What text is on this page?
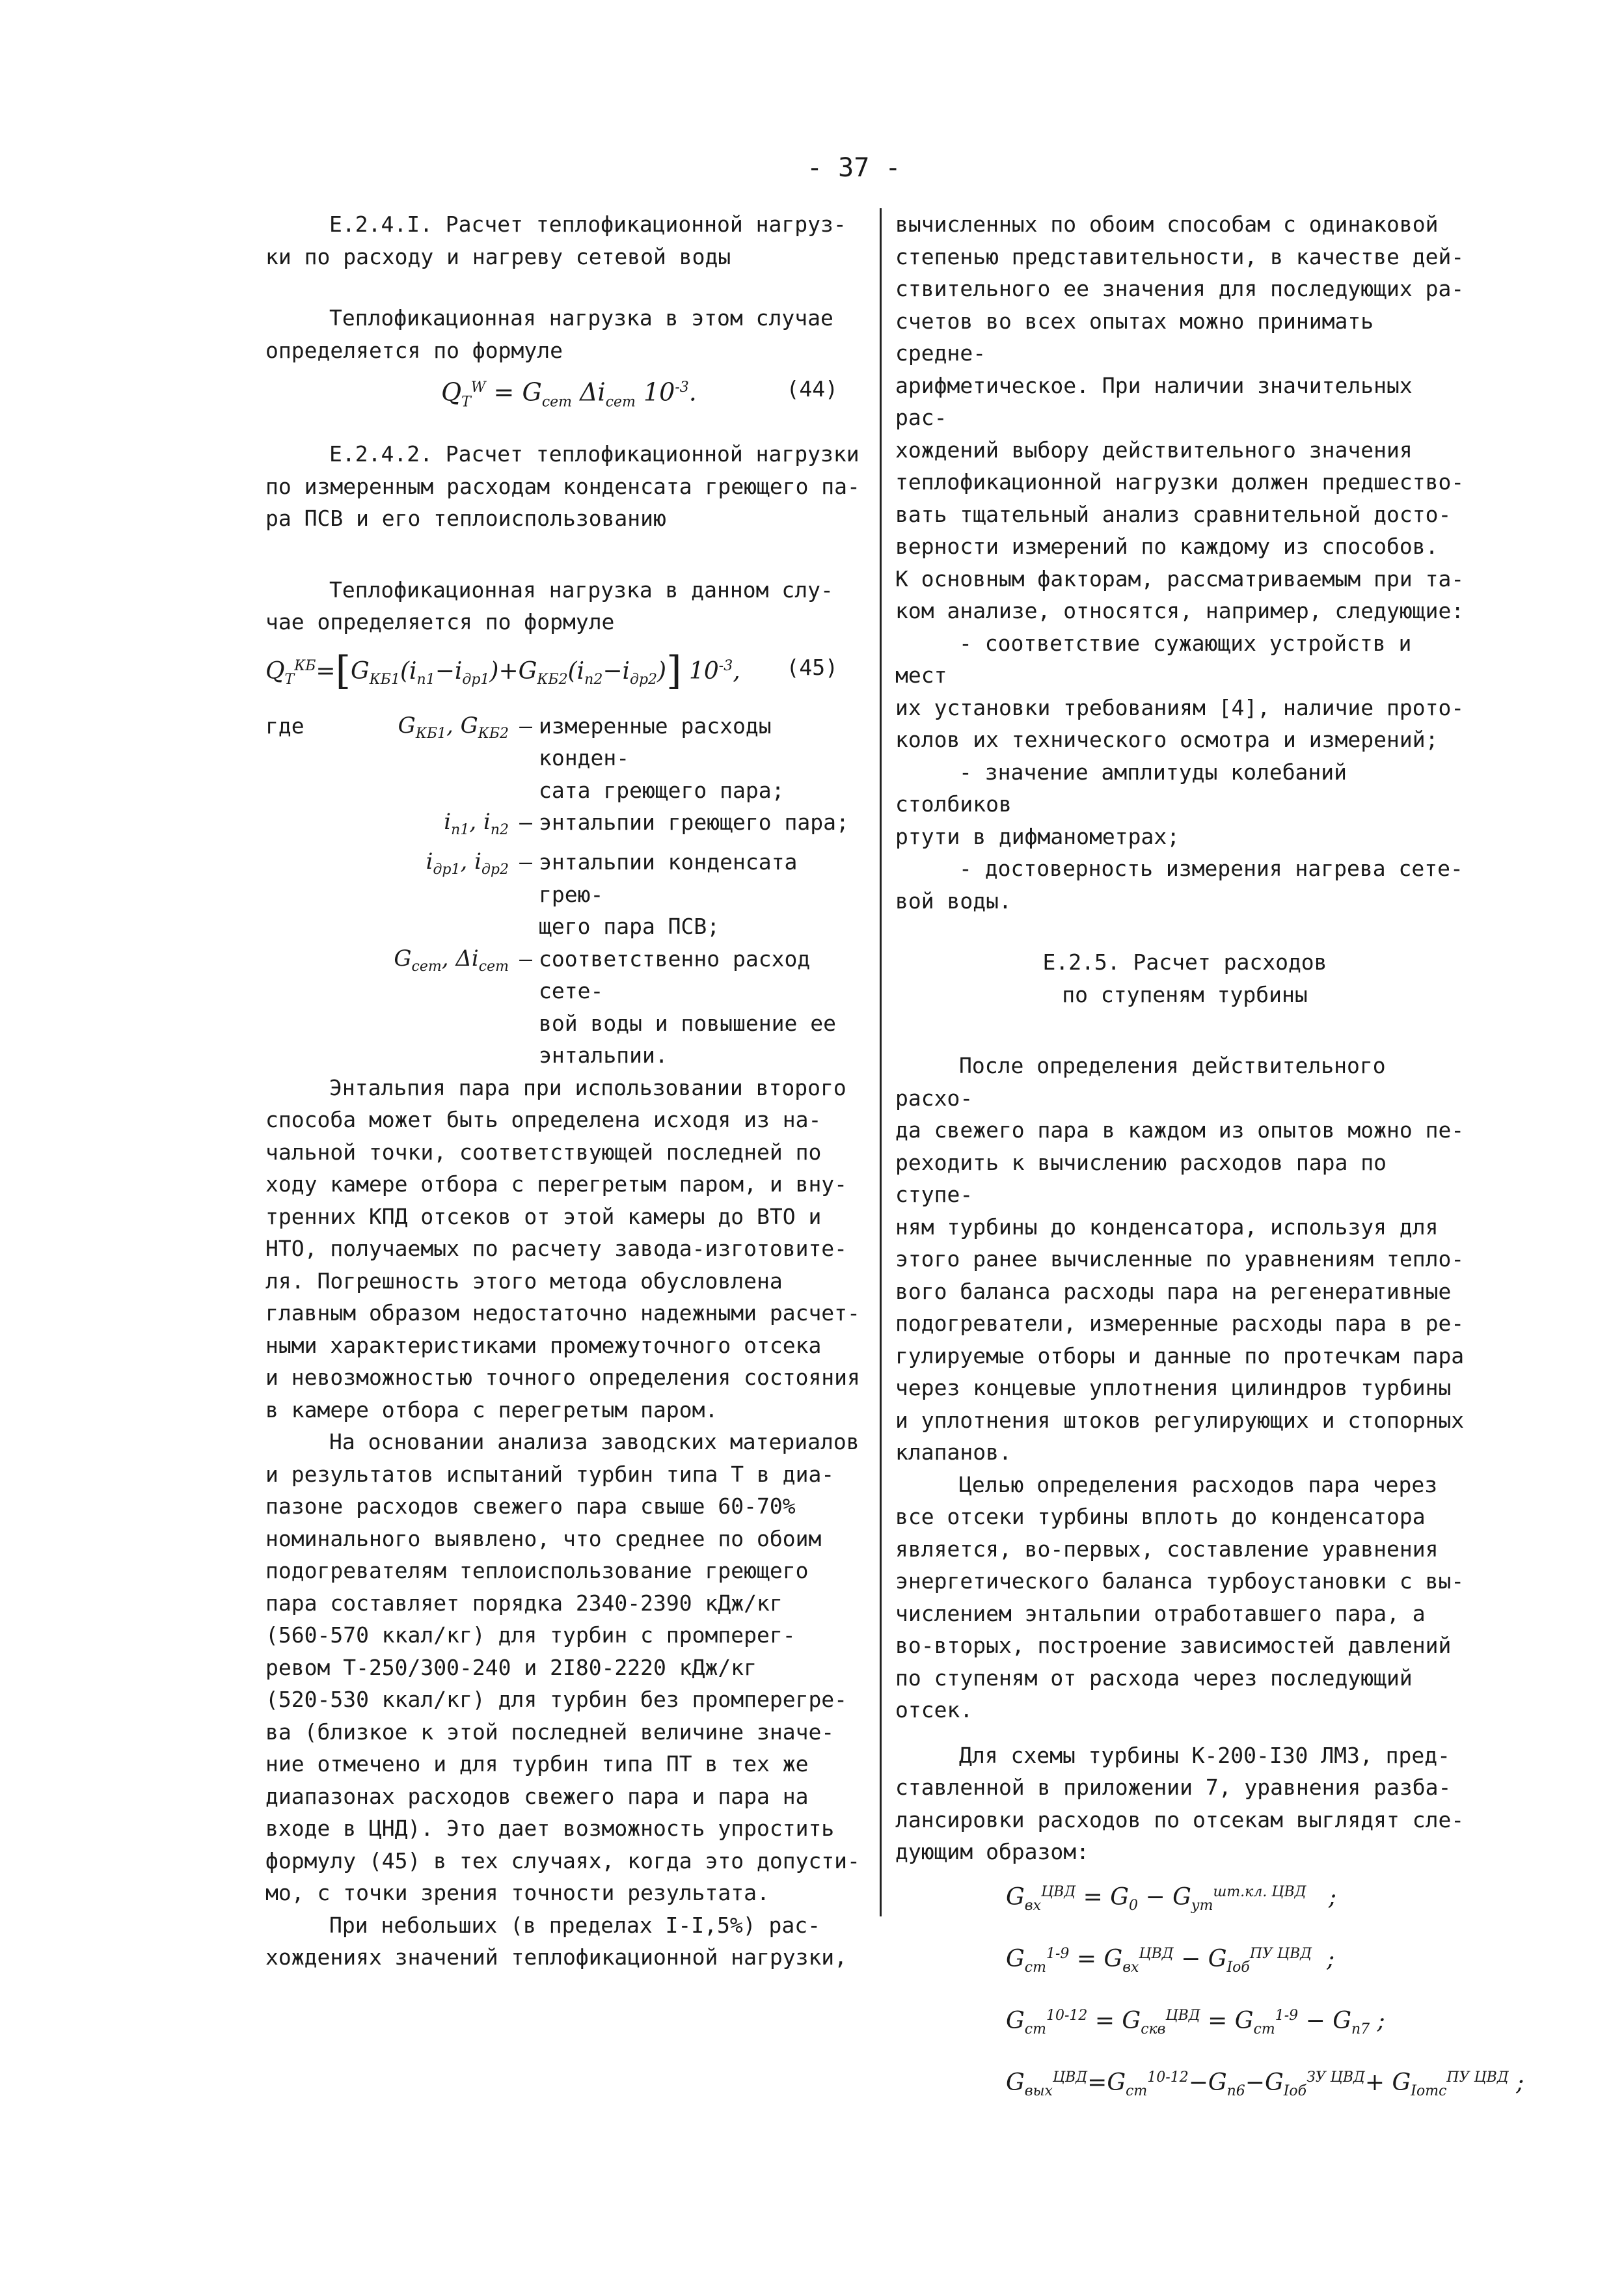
- 37 -

Е.2.4.I. Расчет теплофикационной нагруз-

ки по расходу и нагреву сетевой воды

Теплофикационная нагрузка в этом случае

определяется по формуле

$Q_T^W = G_{сет}$ $\Delta i_{сет}$ $10^{-3}$.	(44)

Е.2.4.2. Расчет теплофикационной нагрузки

по измеренным расходам конденсата греющего па-

ра ПСВ и его теплоиспользованию

Теплофикационная нагрузка в данном слу-

чае определяется по формуле

$Q_T^{КБ}=[G_{КБ1}(i_{п1}-i_{др1})+G_{КБ2}(i_{п2}-i_{др2})]$ $10^{-3}$, (45)
где	$G_{КБ1}$, $G_{КБ2}$ – измеренные расходы конден-
сата греющего пара;
$i_{п1}$, $i_{п2}$ – энтальпии греющего пара;
$i_{др1}$, $i_{др2}$ – энтальпии конденсата грею-
щего пара ПСВ;
$G_{сет}$, $\Delta i_{сет}$ – соответственно расход сете-
вой воды и повышение ее
энтальпии.

Энтальпия пара при использовании второго

способа может быть определена исходя из на-

чальной точки, соответствующей последней по

ходу камере отбора с перегретым паром, и вну-

тренних КПД отсеков от этой камеры до ВТО и

НТО, получаемых по расчету завода-изготовите-

ля. Погрешность этого метода обусловлена

главным образом недостаточно надежными расчет-

ными характеристиками промежуточного отсека

и невозможностью точного определения состояния

в камере отбора с перегретым паром.

На основании анализа заводских материалов

и результатов испытаний турбин типа Т в диа-

пазоне расходов свежего пара свыше 60-70%

номинального выявлено, что среднее по обоим

подогревателям теплоиспользование греющего

пара составляет порядка 2340-2390 кДж/кг

(560-570 ккал/кг) для турбин с промперег-

ревом Т-250/300-240 и 2I80-2220 кДж/кг

(520-530 ккал/кг) для турбин без промперегре-

ва (близкое к этой последней величине значе-

ние отмечено и для турбин типа ПТ в тех же

диапазонах расходов свежего пара и пара на

входе в ЦНД). Это дает возможность упростить

формулу (45) в тех случаях, когда это допусти-

мо, с точки зрения точности результата.

При небольших (в пределах I-I,5%) рас-

хождениях значений теплофикационной нагрузки,

вычисленных по обоим способам с одинаковой

степенью представительности, в качестве дей-

ствительного ее значения для последующих ра-

счетов во всех опытах можно принимать средне-

арифметическое. При наличии значительных рас-

хождений выбору действительного значения

теплофикационной нагрузки должен предшество-

вать тщательный анализ сравнительной досто-

верности измерений по каждому из способов.

К основным факторам, рассматриваемым при та-

ком анализе, относятся, например, следующие:

- соответствие сужающих устройств и мест

их установки требованиям [4], наличие прото-

колов их технического осмотра и измерений;

- значение амплитуды колебаний столбиков

ртути в дифманометрах;

- достоверность измерения нагрева сете-

вой воды.

Е.2.5. Расчет расходов

по ступеням турбины

После определения действительного расхо-

да свежего пара в каждом из опытов можно пе-

реходить к вычислению расходов пара по ступе-

ням турбины до конденсатора, используя для

этого ранее вычисленные по уравнениям тепло-

вого баланса расходы пара на регенеративные

подогреватели, измеренные расходы пара в ре-

гулируемые отборы и данные по протечкам пара

через концевые уплотнения цилиндров турбины

и уплотнения штоков регулирующих и стопорных

клапанов.

Целью определения расходов пара через

все отсеки турбины вплоть до конденсатора

является, во-первых, составление уравнения

энергетического баланса турбоустановки с вы-

числением энтальпии отработавшего пара, а

во-вторых, построение зависимостей давлений

по ступеням от расхода через последующий

отсек.

Для схемы турбины К-200-I30 ЛМЗ, пред-

ставленной в приложении 7, уравнения разба-

лансировки расходов по отсекам выглядят сле-

дующим образом:

$G_{вх}^{ЦВД} = G_0 - G_{ут}^{шт.кл. ЦВД}$   ;
$G_{ст}^{1-9} = G_{вх}^{ЦВД} - G_{Iоб}^{ПУ ЦВД}$  ;
$G_{ст}^{10-12} = G_{скв}^{ЦВД} = G_{ст}^{1-9} - G_{п7}$ ;
$G_{вых}^{ЦВД}=G_{ст}^{10-12}-G_{п6}-G_{Iоб}^{ЗУ ЦВД}+ G_{Iотс}^{ПУ ЦВД}$ ;
